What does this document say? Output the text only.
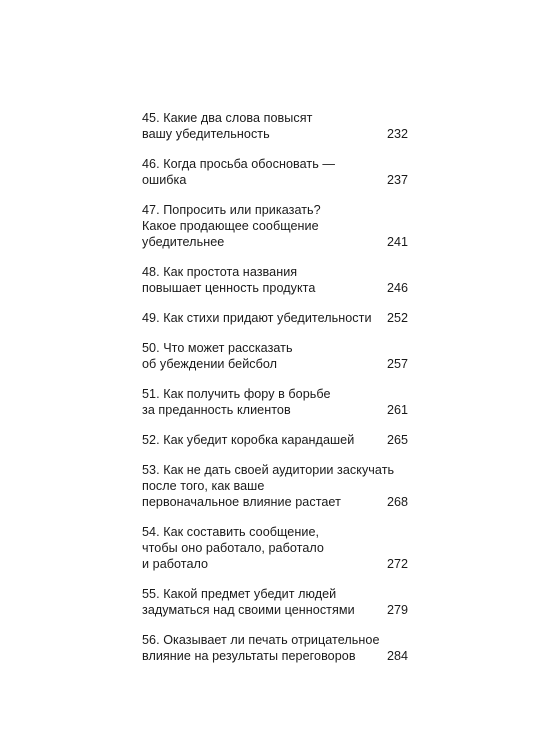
45. Какие два слова повысят
вашу убедительность	232
46. Когда просьба обосновать —
ошибка	237
47. Попросить или приказать?
Какое продающее сообщение
убедительнее	241
48. Как простота названия
повышает ценность продукта	246
49. Как стихи придают убедительности	252
50. Что может рассказать
об убеждении бейсбол	257
51. Как получить фору в борьбе
за преданность клиентов	261
52. Как убедит коробка карандашей	265
53. Как не дать своей аудитории заскучать
после того, как ваше
первоначальное влияние растает	268
54. Как составить сообщение,
чтобы оно работало, работало
и работало	272
55. Какой предмет убедит людей
задуматься над своими ценностями	279
56. Оказывает ли печать отрицательное
влияние на результаты переговоров	284
